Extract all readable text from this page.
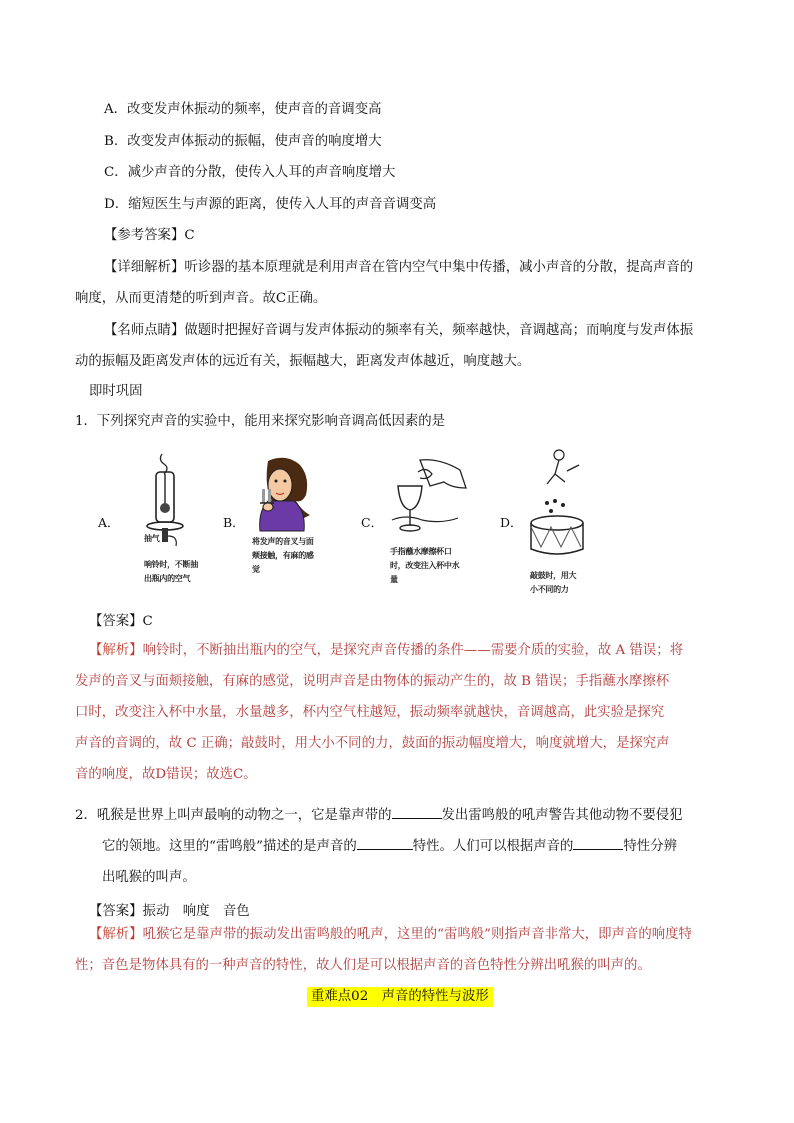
A．改变发声休振动的频率，使声音的音调变高
B．改变发声体振动的振幅，使声音的响度增大
C．减少声音的分散，使传入人耳的声音响度增大
D．缩短医生与声源的距离，使传入人耳的声音音调变高
【参考答案】C
【详细解析】听诊器的基本原理就是利用声音在管内空气中集中传播，减小声音的分散，提高声音的
响度，从而更清楚的听到声音。故C正确。
【名师点睛】做题时把握好音调与发声体振动的频率有关，频率越快，音调越高；而响度与发声体振
动的振幅及距离发声体的远近有关，振幅越大，距离发声体越近，响度越大。
即时巩固
1．下列探究声音的实验中，能用来探究影响音调高低因素的是
A．
抽气
响铃时，不断抽
出瓶内的空气
B．
将发声的音叉与面
颊接触，有麻的感
觉
C．
手指蘸水摩擦杯口
时，改变注入杯中水
量
D．
敲鼓时，用大
小不同的力
【答案】C
【解析】响铃时，不断抽出瓶内的空气，是探究声音传播的条件——需要介质的实验，故 A 错误；将
发声的音叉与面颊接触，有麻的感觉，说明声音是由物体的振动产生的，故 B 错误；手指蘸水摩擦杯
口时，改变注入杯中水量，水量越多，杯内空气柱越短，振动频率就越快，音调越高，此实验是探究
声音的音调的，故 C 正确；敲鼓时，用大小不同的力，鼓面的振动幅度增大，响度就增大，是探究声
音的响度，故D错误；故选C。
2．吼猴是世界上叫声最响的动物之一，它是靠声带的	发出雷鸣般的吼声警告其他动物不要侵犯
它的领地。这里的“雷鸣般”描述的是声音的	特性。人们可以根据声音的	特性分辨
出吼猴的叫声。
【答案】振动　响度　音色
【解析】吼猴它是靠声带的振动发出雷鸣般的吼声，这里的“雷鸣般”则指声音非常大，即声音的响度特
性；音色是物体具有的一种声音的特性，故人们是可以根据声音的音色特性分辨出吼猴的叫声的。
重难点02　声音的特性与波形
